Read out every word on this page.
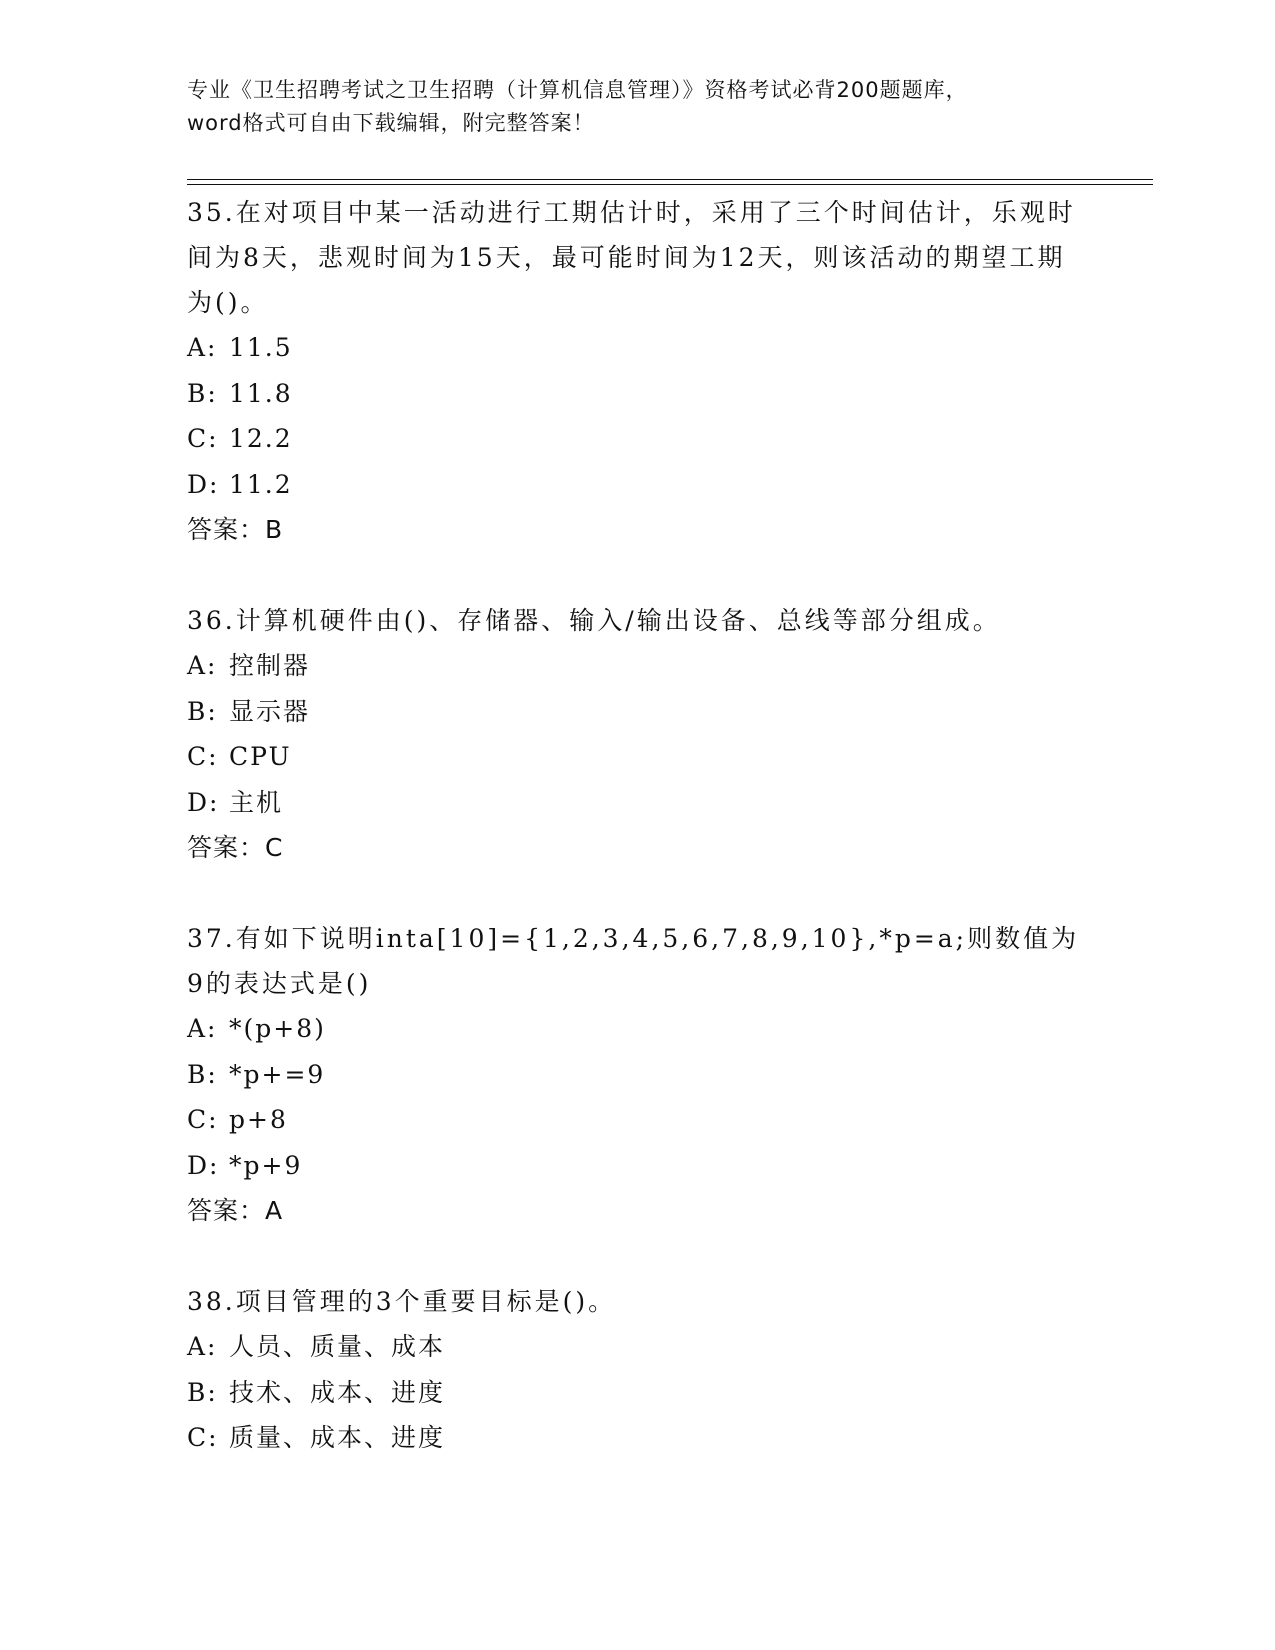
专业《卫生招聘考试之卫生招聘（计算机信息管理）》资格考试必背200题题库，
word格式可自由下载编辑，附完整答案！

35.在对项目中某一活动进行工期估计时，采用了三个时间估计，乐观时间为8天，悲观时间为15天，最可能时间为12天，则该活动的期望工期为()。

A: 11.5
B: 11.8
C: 12.2
D: 11.2
答案：B

36.计算机硬件由()、存储器、输入/输出设备、总线等部分组成。

A: 控制器
B: 显示器
C: CPU
D: 主机
答案：C

37.有如下说明inta[10]={1,2,3,4,5,6,7,8,9,10},*p=a;则数值为9的表达式是()

A: *(p+8)
B: *p+=9
C: p+8
D: *p+9
答案：A

38.项目管理的3个重要目标是()。

A: 人员、质量、成本
B: 技术、成本、进度
C: 质量、成本、进度
